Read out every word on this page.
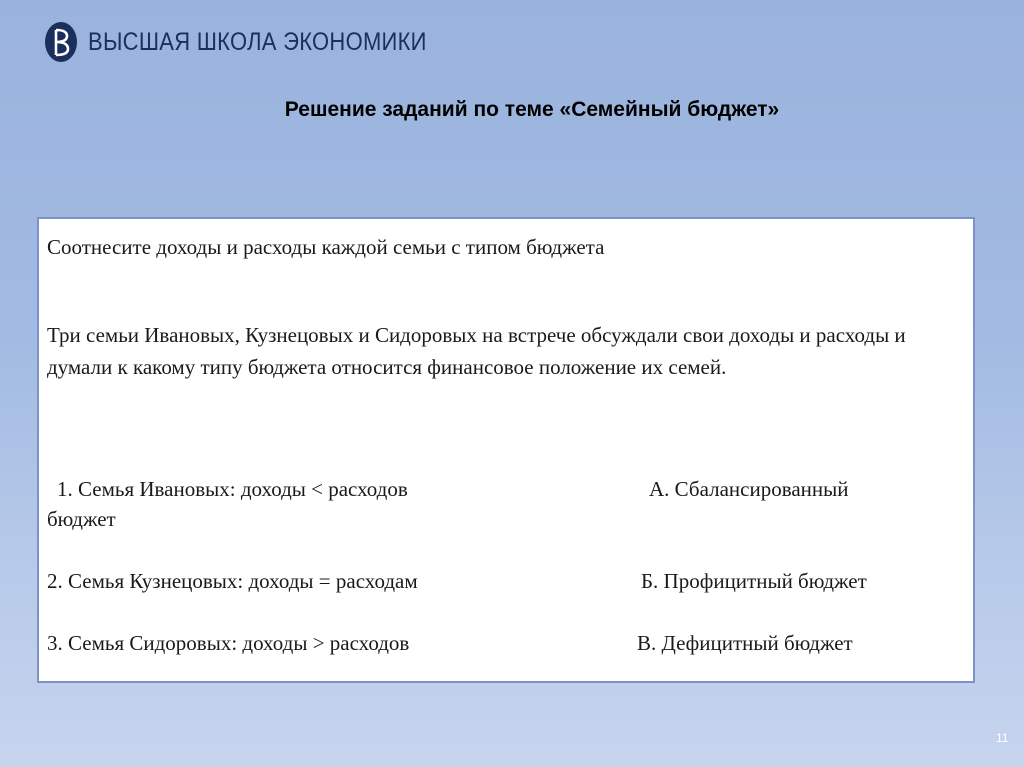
ВЫСШАЯ ШКОЛА ЭКОНОМИКИ
Решение заданий по теме «Семейный бюджет»
Соотнесите доходы и расходы каждой семьи с типом бюджета
Три семьи Ивановых, Кузнецовых и Сидоровых на встрече обсуждали свои доходы и расходы и думали к какому типу бюджета относится финансовое положение их семей.
1. Семья Ивановых: доходы < расходов	А. Сбалансированный
бюджет
2. Семья Кузнецовых: доходы = расходам	Б. Профицитный бюджет
3. Семья Сидоровых: доходы > расходов	В. Дефицитный бюджет
11
